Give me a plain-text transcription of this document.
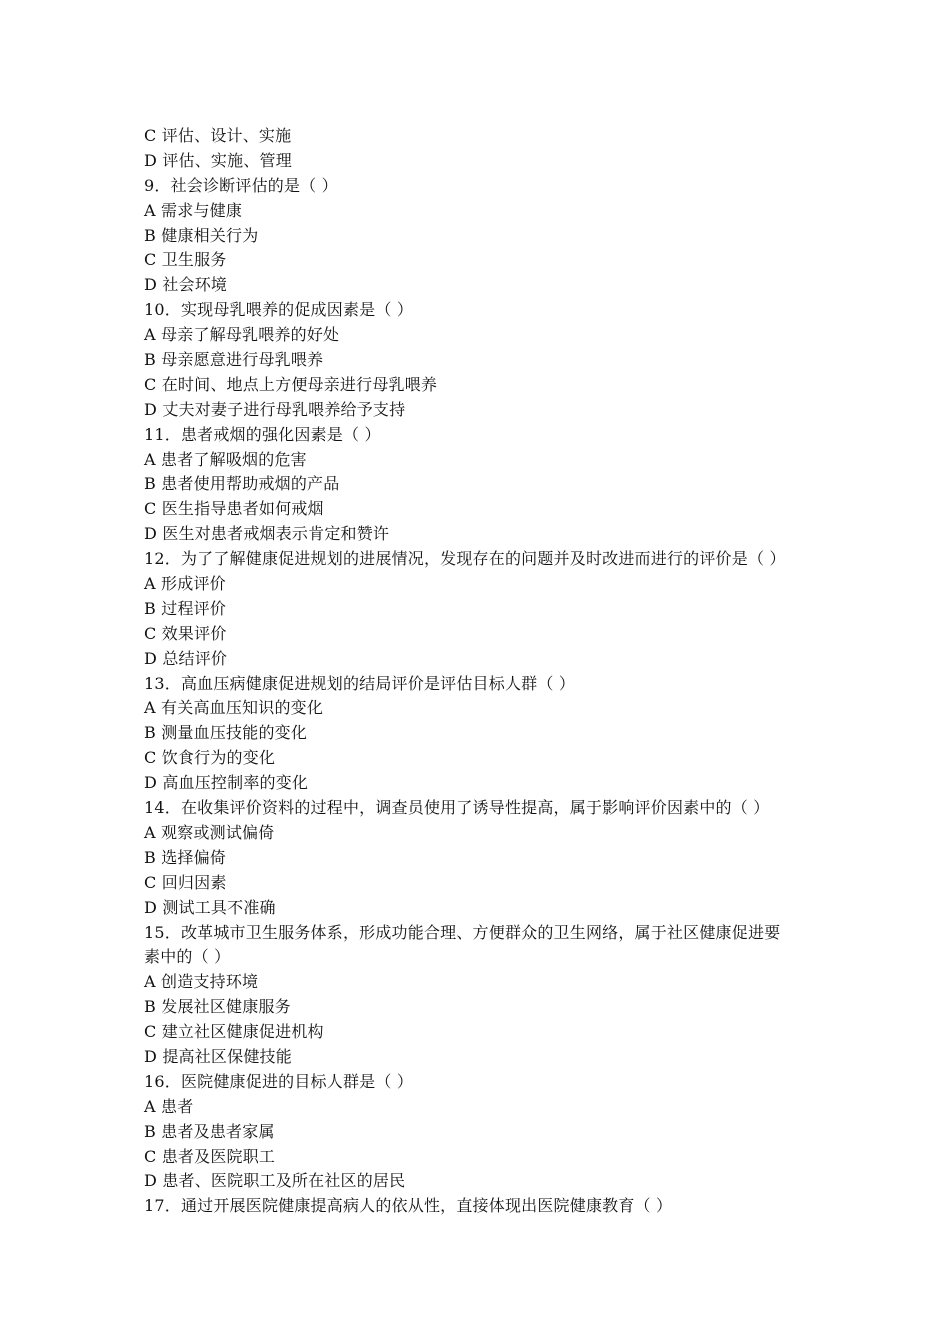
C 评估、设计、实施
D 评估、实施、管理
9．社会诊断评估的是（ ）
A 需求与健康
B 健康相关行为
C 卫生服务
D 社会环境
10．实现母乳喂养的促成因素是（ ）
A 母亲了解母乳喂养的好处
B 母亲愿意进行母乳喂养
C 在时间、地点上方便母亲进行母乳喂养
D 丈夫对妻子进行母乳喂养给予支持
11．患者戒烟的强化因素是（ ）
A 患者了解吸烟的危害
B 患者使用帮助戒烟的产品
C 医生指导患者如何戒烟
D 医生对患者戒烟表示肯定和赞许
12．为了了解健康促进规划的进展情况，发现存在的问题并及时改进而进行的评价是（ ）
A 形成评价
B 过程评价
C 效果评价
D 总结评价
13．高血压病健康促进规划的结局评价是评估目标人群（ ）
A 有关高血压知识的变化
B 测量血压技能的变化
C 饮食行为的变化
D 高血压控制率的变化
14．在收集评价资料的过程中，调查员使用了诱导性提高，属于影响评价因素中的（ ）
A 观察或测试偏倚
B 选择偏倚
C 回归因素
D 测试工具不准确
15．改革城市卫生服务体系，形成功能合理、方便群众的卫生网络，属于社区健康促进要
素中的（ ）
A 创造支持环境
B 发展社区健康服务
C 建立社区健康促进机构
D 提高社区保健技能
16．医院健康促进的目标人群是（ ）
A 患者
B 患者及患者家属
C 患者及医院职工
D 患者、医院职工及所在社区的居民
17．通过开展医院健康提高病人的依从性，直接体现出医院健康教育（ ）
